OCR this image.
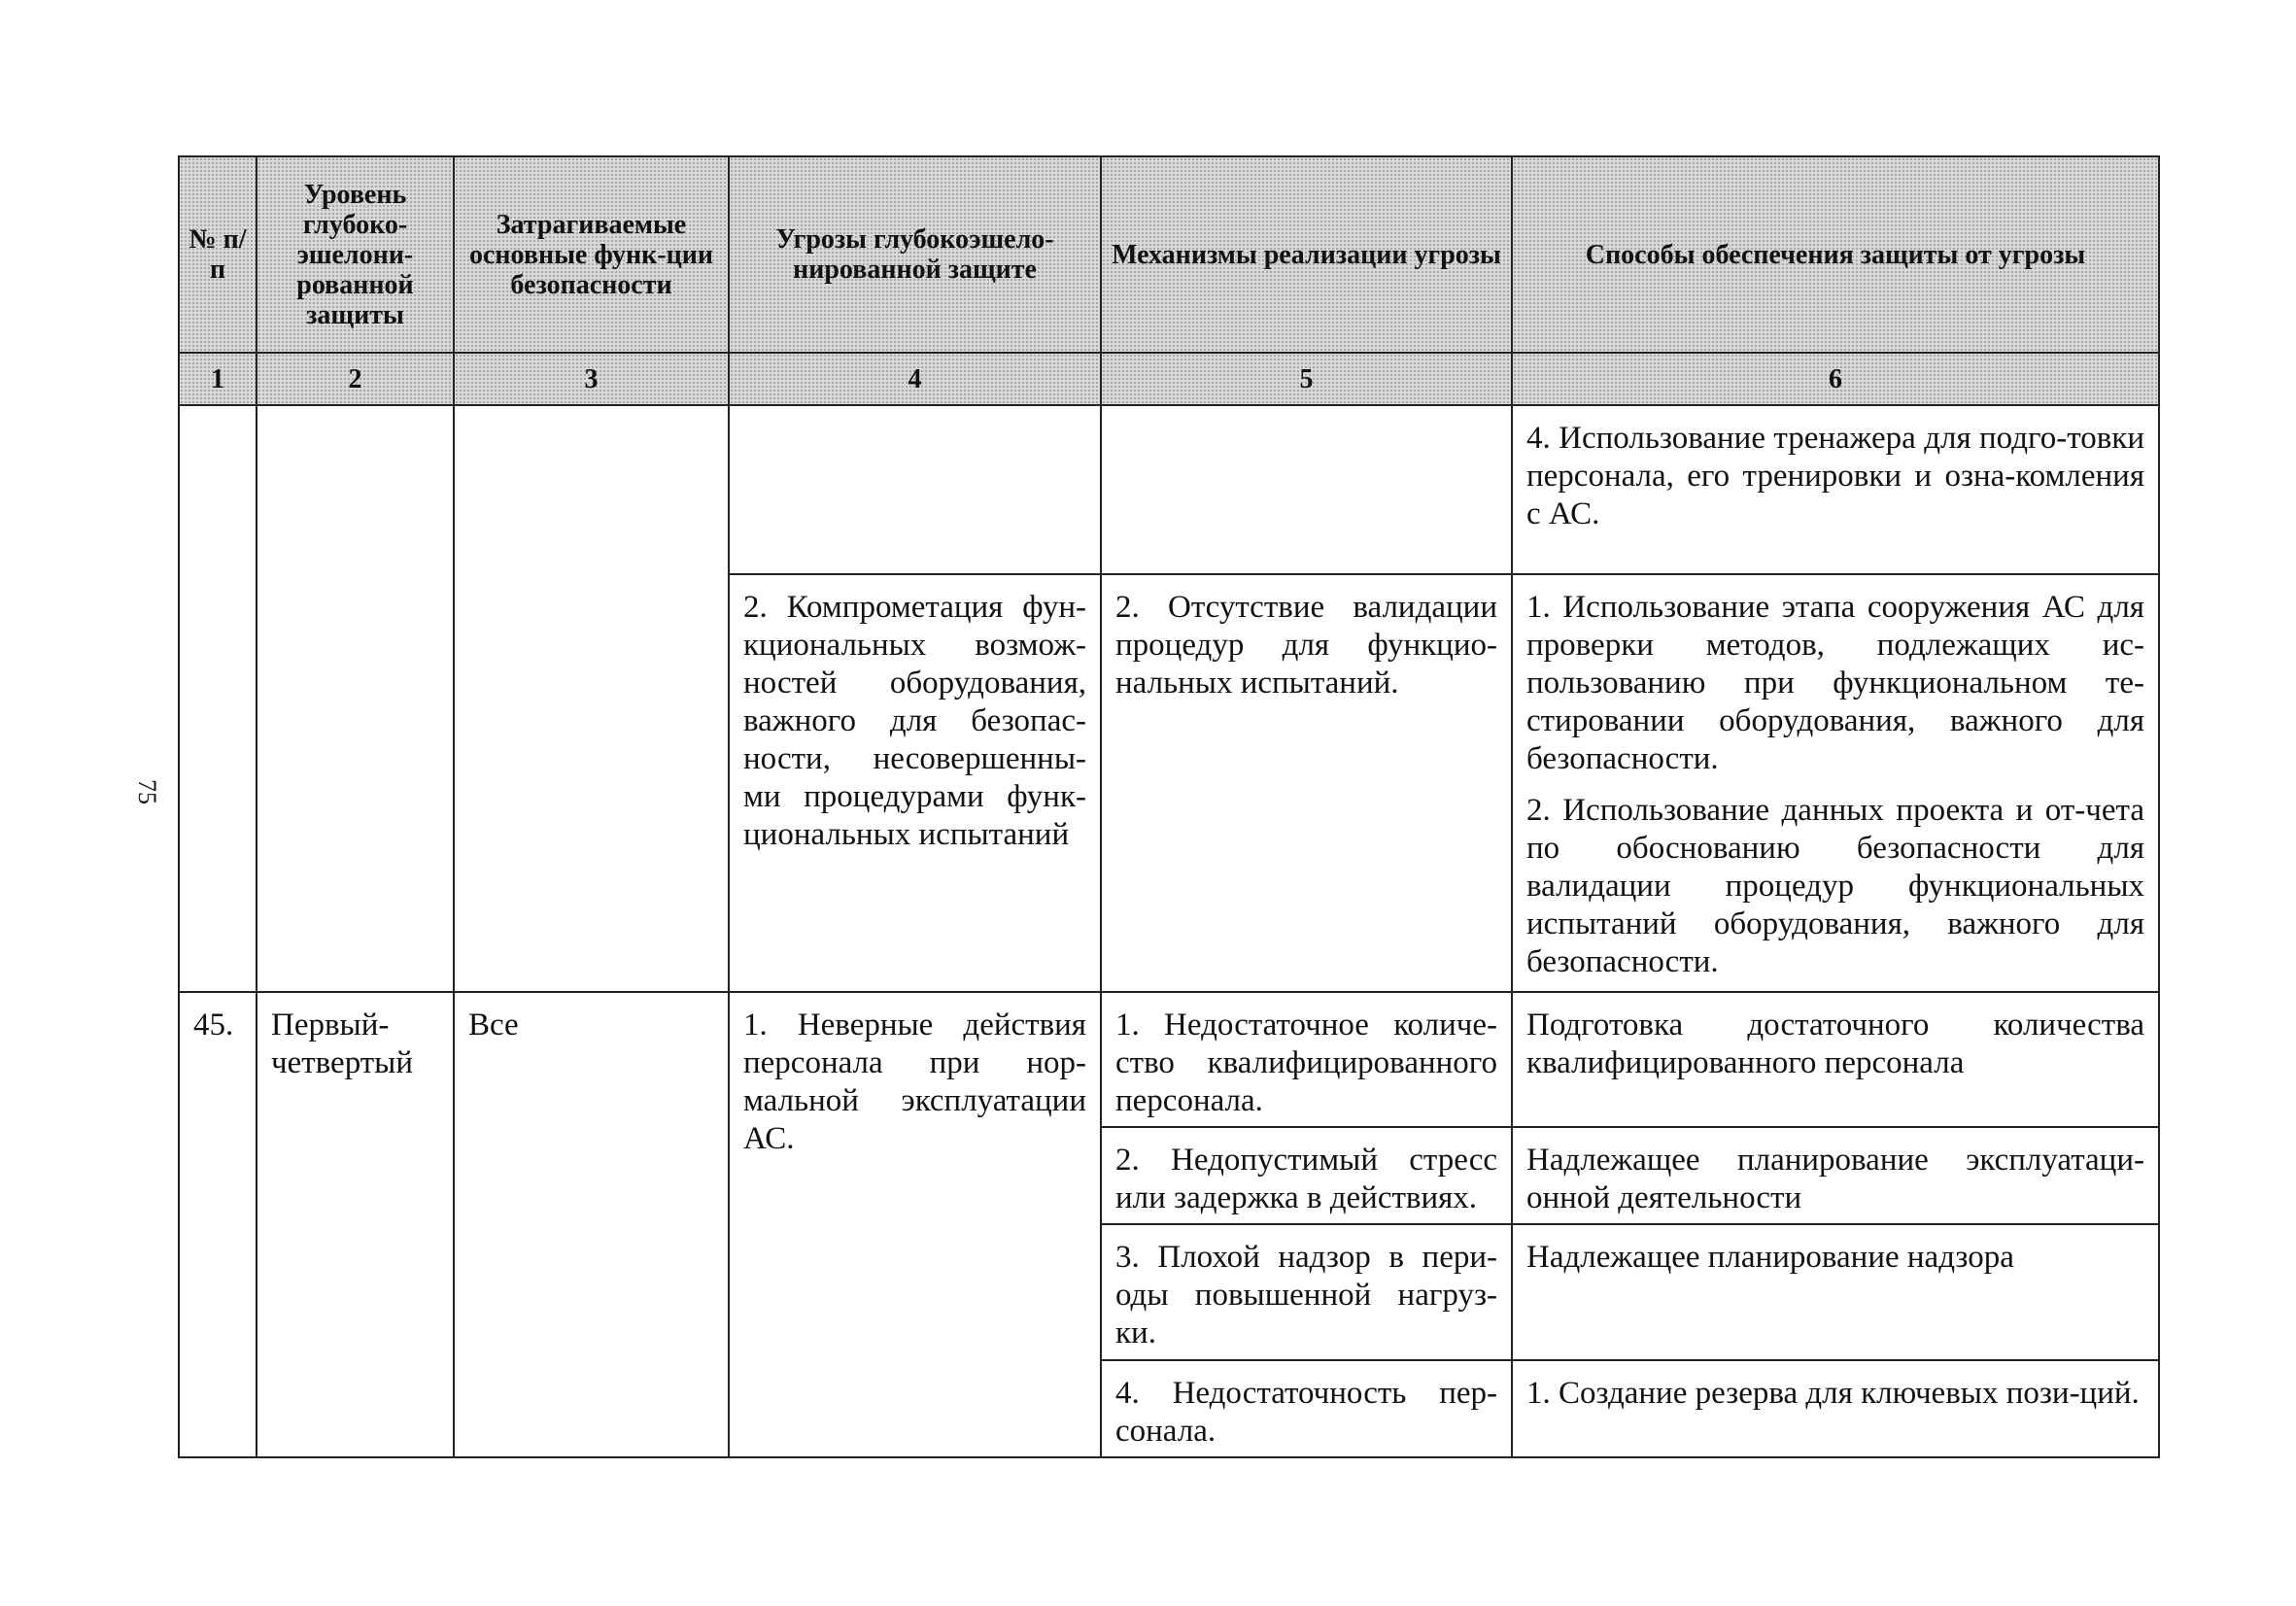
75
№ п/п	Уровень глубоко-эшелони-рованной защиты	Затрагиваемые основные функ-ции безопасности	Угрозы глубокоэшело-нированной защите	Механизмы реализации угрозы	Способы обеспечения защиты от угрозы
1	2	3	4	5	6
					4. Использование тренажера для подго-товки персонала, его тренировки и озна-комления с АС.
			2. Компрометация фун-кциональных возмож-ностей оборудования, важного для безопас-ности, несовершенны-ми процедурами функ-циональных испытаний	2. Отсутствие валидации процедур для функцио-нальных испытаний.	1. Использование этапа сооружения АС для проверки методов, подлежащих ис-пользованию при функциональном те-стировании оборудования, важного для безопасности.

2. Использование данных проекта и от-чета по обоснованию безопасности для валидации процедур функциональных испытаний оборудования, важного для безопасности.

45.	Первый-четвертый	Все	1. Неверные действия персонала при нор-мальной эксплуатации АС.	1. Недостаточное количе-ство квалифицированного персонала.	Подготовка достаточного количества квалифицированного персонала
				2. Недопустимый стресс или задержка в действиях.	Надлежащее планирование эксплуатаци-онной деятельности
				3. Плохой надзор в пери-оды повышенной нагруз-ки.	Надлежащее планирование надзора
				4. Недостаточность пер-сонала.	1. Создание резерва для ключевых пози-ций.
